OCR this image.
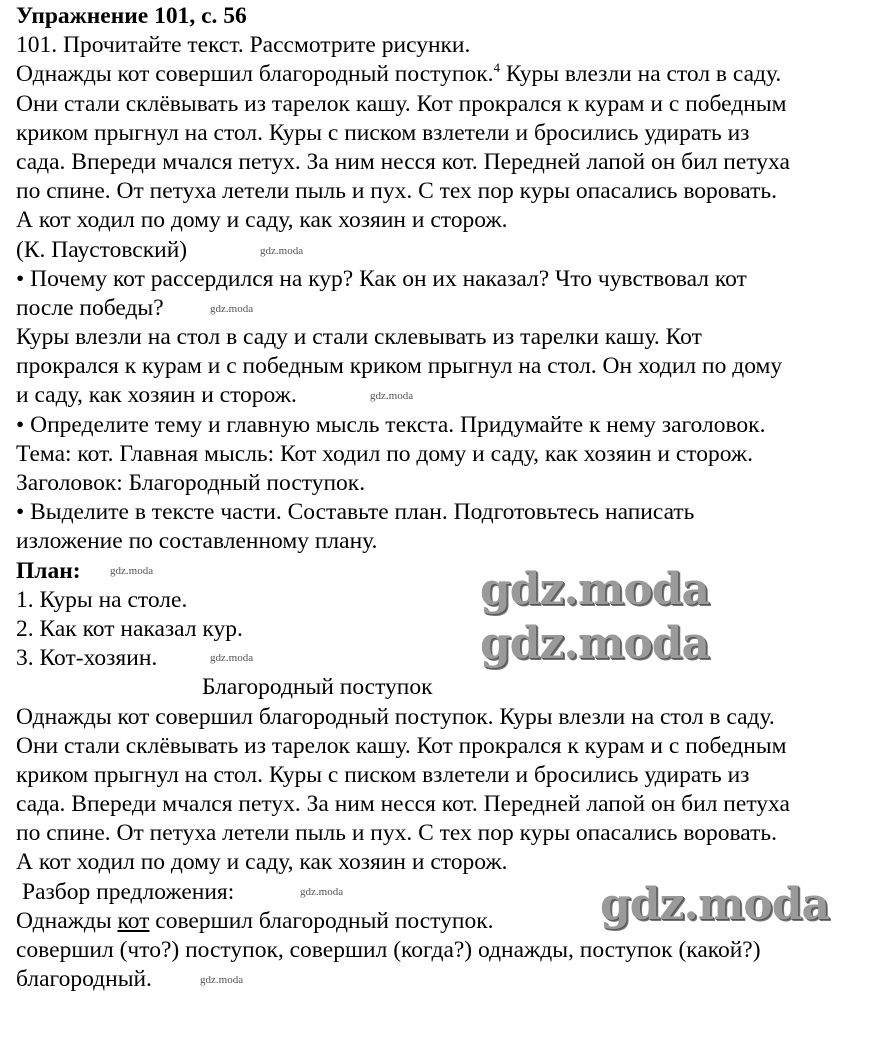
Упражнение 101, с. 56
101. Прочитайте текст. Рассмотрите рисунки.
Однажды кот совершил благородный поступок.$^4$ Куры влезли на стол в саду.
Они стали склёвывать из тарелок кашу. Кот прокрался к курам и с победным
криком прыгнул на стол. Куры с писком взлетели и бросились удирать из
сада. Впереди мчался петух. За ним несся кот. Передней лапой он бил петуха
по спине. От петуха летели пыль и пух. С тех пор куры опасались воровать.
А кот ходил по дому и саду, как хозяин и сторож.
(К. Паустовский)
• Почему кот рассердился на кур? Как он их наказал? Что чувствовал кот
после победы?
Куры влезли на стол в саду и стали склевывать из тарелки кашу. Кот
прокрался к курам и с победным криком прыгнул на стол. Он ходил по дому
и саду, как хозяин и сторож.
• Определите тему и главную мысль текста. Придумайте к нему заголовок.
Тема: кот. Главная мысль: Кот ходил по дому и саду, как хозяин и сторож.
Заголовок: Благородный поступок.
• Выделите в тексте части. Составьте план. Подготовьтесь написать
изложение по составленному плану.
План:
1. Куры на столе.
2. Как кот наказал кур.
3. Кот-хозяин.
Благородный поступок
Однажды кот совершил благородный поступок. Куры влезли на стол в саду.
Они стали склёвывать из тарелок кашу. Кот прокрался к курам и с победным
криком прыгнул на стол. Куры с писком взлетели и бросились удирать из
сада. Впереди мчался петух. За ним несся кот. Передней лапой он бил петуха
по спине. От петуха летели пыль и пух. С тех пор куры опасались воровать.
А кот ходил по дому и саду, как хозяин и сторож.
Разбор предложения:
Однажды кот совершил благородный поступок.
совершил (что?) поступок, совершил (когда?) однажды, поступок (какой?)
благородный.
gdz.moda
gdz.moda
gdz.moda
gdz.moda
gdz.moda
gdz.moda
gdz.moda
gdz.moda
gdz.moda
gdz.moda
